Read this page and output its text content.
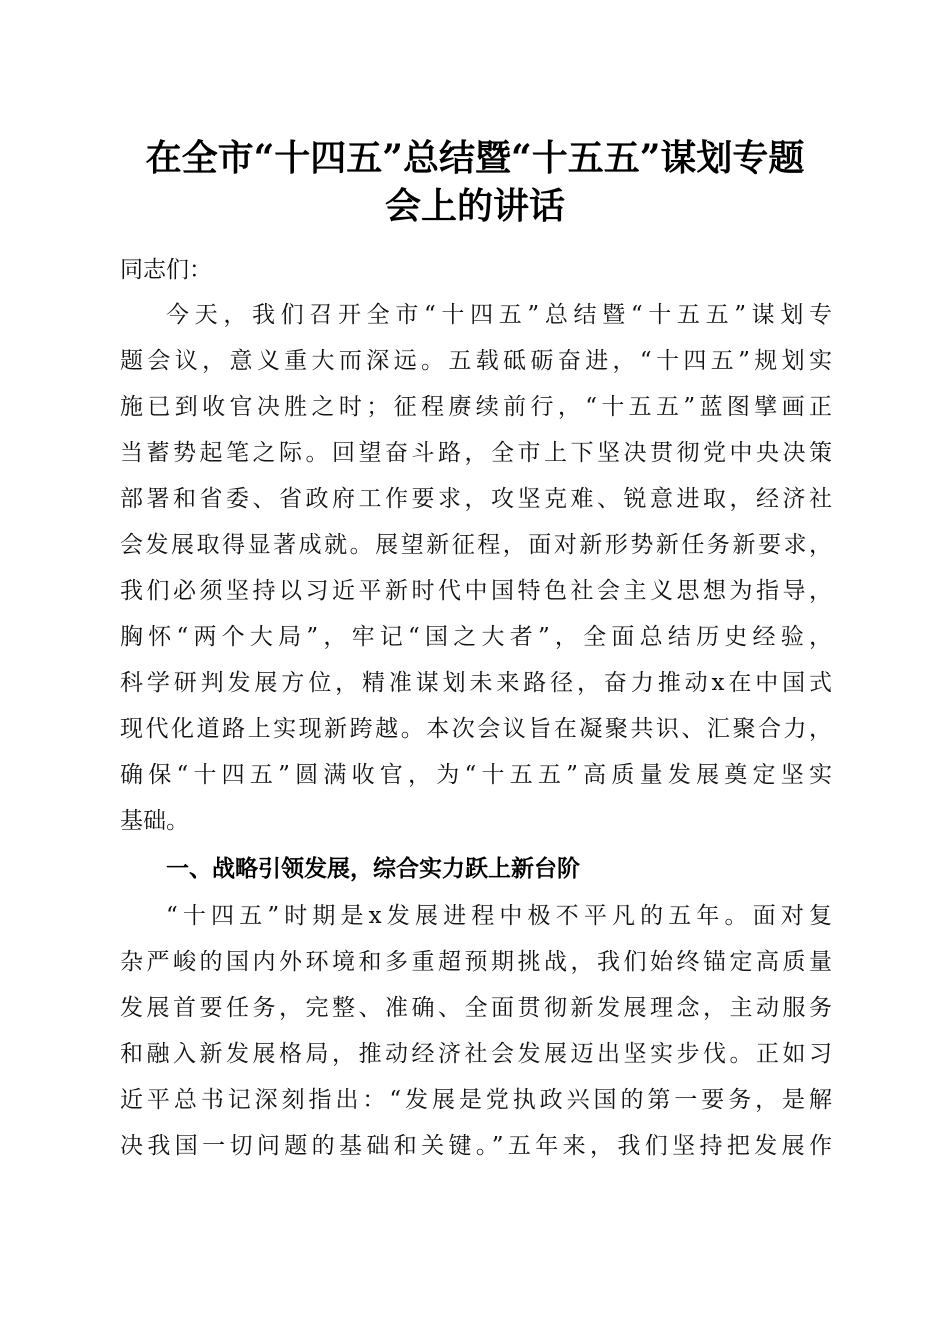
在全市“十四五”总结暨“十五五”谋划专题
会上的讲话
同志们：
今天，我们召开全市“十四五”总结暨“十五五”谋划专
题会议，意义重大而深远。五载砥砺奋进，“十四五”规划实
施已到收官决胜之时；征程赓续前行，“十五五”蓝图擘画正
当蓄势起笔之际。回望奋斗路，全市上下坚决贯彻党中央决策
部署和省委、省政府工作要求，攻坚克难、锐意进取，经济社
会发展取得显著成就。展望新征程，面对新形势新任务新要求，
我们必须坚持以习近平新时代中国特色社会主义思想为指导，
胸怀“两个大局”，牢记“国之大者”，全面总结历史经验，
科学研判发展方位，精准谋划未来路径，奋力推动x在中国式
现代化道路上实现新跨越。本次会议旨在凝聚共识、汇聚合力，
确保“十四五”圆满收官，为“十五五”高质量发展奠定坚实
基础。
一、战略引领发展，综合实力跃上新台阶
“十四五”时期是x发展进程中极不平凡的五年。面对复
杂严峻的国内外环境和多重超预期挑战，我们始终锚定高质量
发展首要任务，完整、准确、全面贯彻新发展理念，主动服务
和融入新发展格局，推动经济社会发展迈出坚实步伐。正如习
近平总书记深刻指出：“发展是党执政兴国的第一要务，是解
决我国一切问题的基础和关键。”五年来，我们坚持把发展作
